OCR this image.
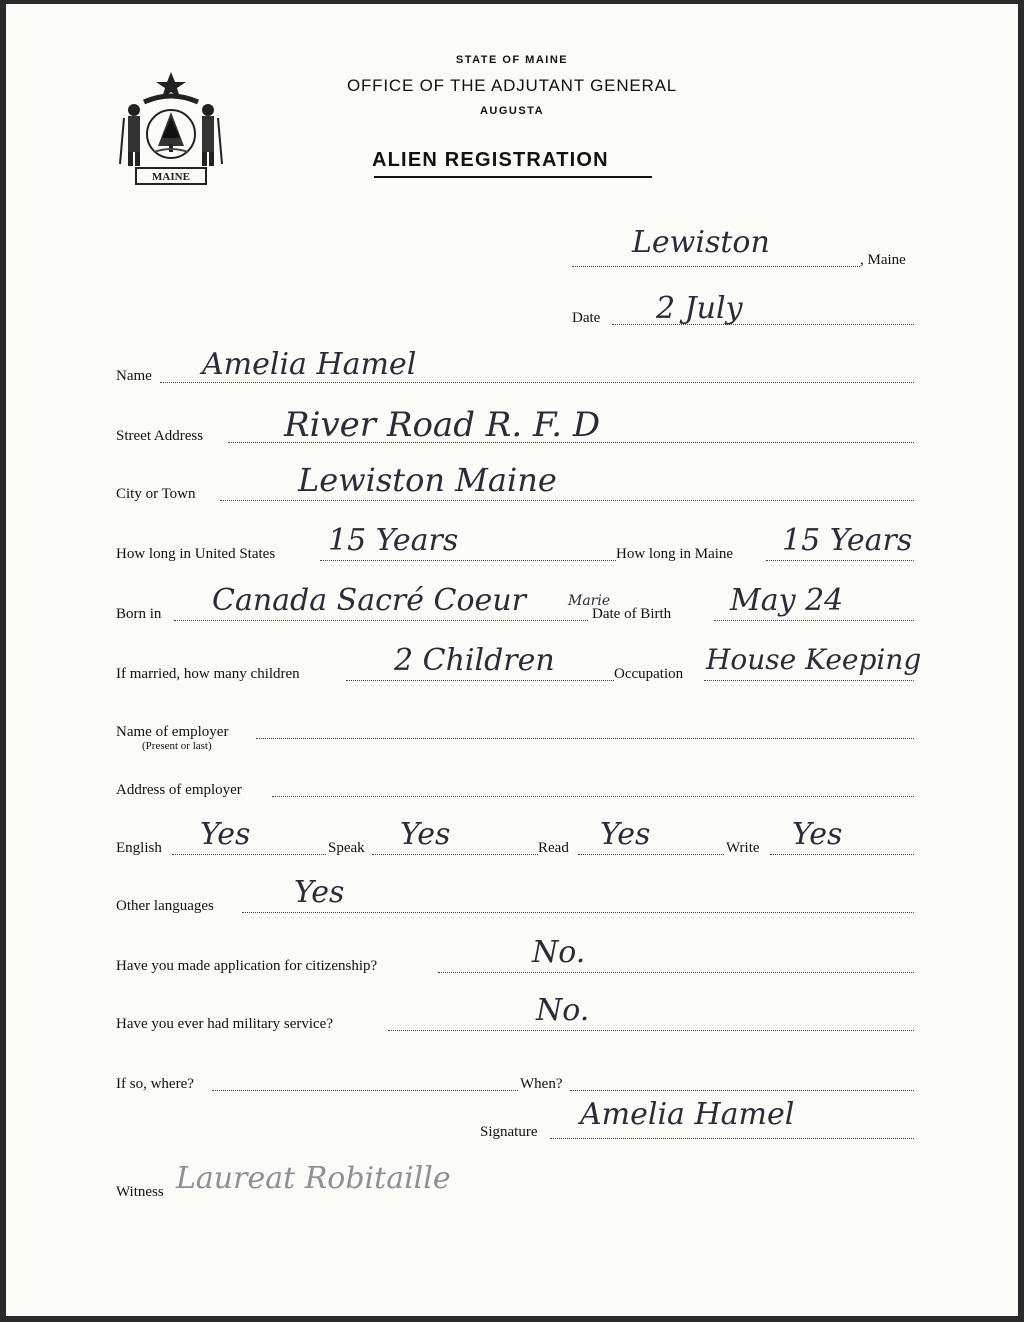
MAINE
STATE OF MAINE
OFFICE OF THE ADJUTANT GENERAL
AUGUSTA
ALIEN REGISTRATION
Lewiston	, Maine
Date 2 July
Name Amelia Hamel
Street Address River Road R. F. D
City or Town	Lewiston Maine
How long in United States 15 Years	How long in Maine 15 Years
Born in Canada Sacré Coeur	Marie
Date of Birth May 24
If married, how many children	2 Children	Occupation House Keeping
Name of employer
(Present or last)
Address of employer
English Yes	Speak Yes	Read Yes	Write Yes
Other languages	Yes
Have you made application for citizenship?	No.
Have you ever had military service?	No.
If so, where?	When?
Signature Amelia Hamel
Witness Laureat Robitaille
